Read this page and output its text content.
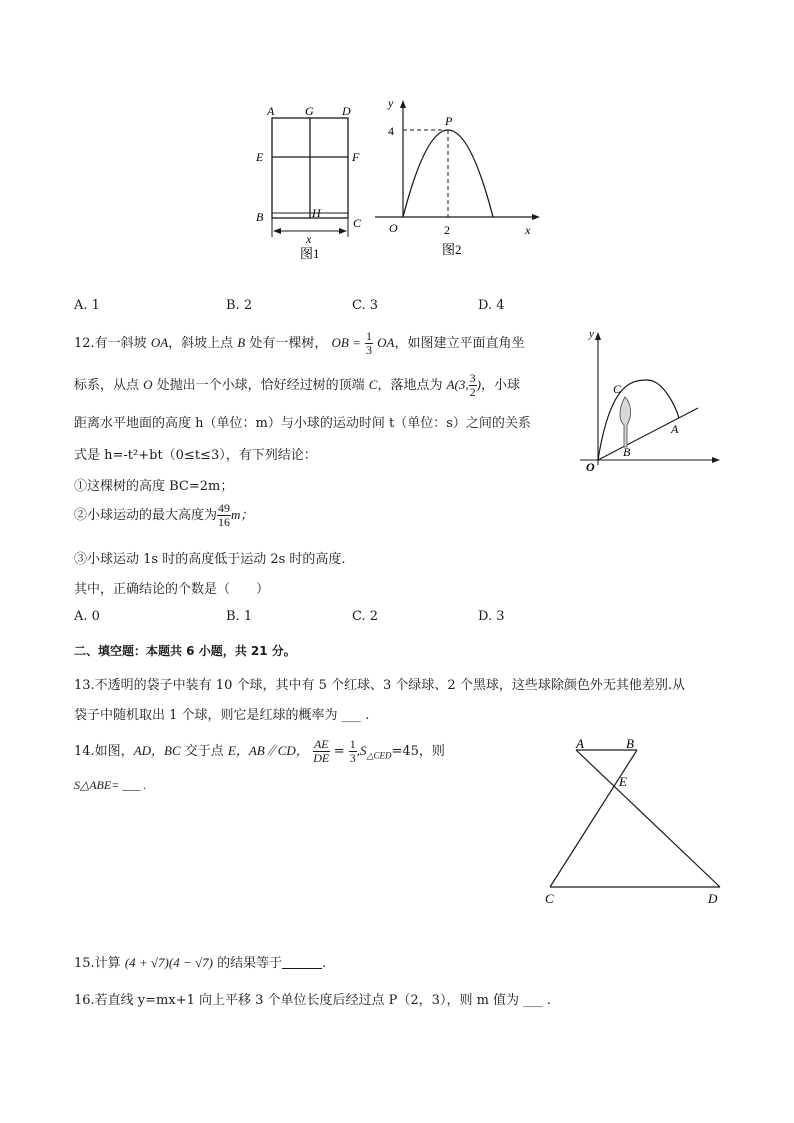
A	G D
E	F
B	H
C
x
图1
y
P
4
O	2	x
图2
A. 1	B. 2	C. 3	D. 4
12.有一斜坡 OA，斜坡上点 B 处有一棵树， OB = $\frac{1}{3}$ OA，如图建立平面直角坐
标系，从点 O 处抛出一个小球，恰好经过树的顶端 C，落地点为 A(3, $\frac{3}{2}$ )，小球
距离水平地面的高度 h（单位：m）与小球的运动时间 t（单位：s）之间的关系
式是 h=-t²+bt（0≤t≤3），有下列结论：
①这棵树的高度 BC=2m；
②小球运动的最大高度为 $\frac{49}{16}$ m；
③小球运动 1s 时的高度低于运动 2s 时的高度.
其中，正确结论的个数是（　　）
A. 0	B. 1	C. 2	D. 3
y
C
A
O
B
二、填空题：本题共 6 小题，共 21 分。
13.不透明的袋子中装有 10 个球，其中有 5 个红球、3 个绿球、2 个黑球，这些球除颜色外无其他差别.从
袋子中随机取出 1 个球，则它是红球的概率为 ___ .
14.如图，AD，BC 交于点 E，AB∥CD， $\frac{AE}{DE} = \frac{1}{3} ,S_{\triangle CED}=45$，则
S△ABE= ___ .
A	B
E
C	D
15.计算 (4 + √7)(4 − √7) 的结果等于	.
16.若直线 y=mx+1 向上平移 3 个单位长度后经过点 P（2，3），则 m 值为 ___ .
